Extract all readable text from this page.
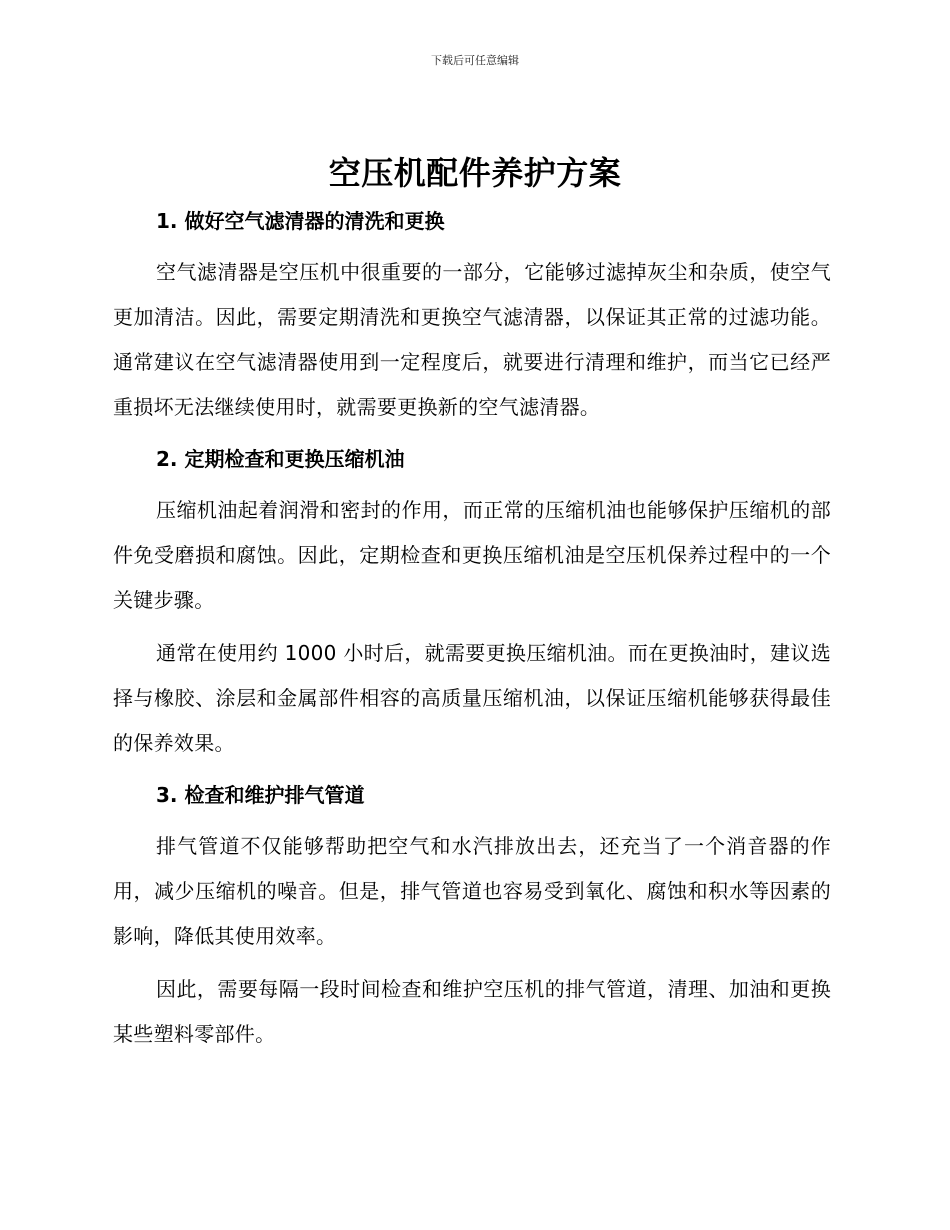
下载后可任意编辑
空压机配件养护方案
1. 做好空气滤清器的清洗和更换

空气滤清器是空压机中很重要的一部分，它能够过滤掉灰尘和杂质，使空气更加清洁。因此，需要定期清洗和更换空气滤清器，以保证其正常的过滤功能。通常建议在空气滤清器使用到一定程度后，就要进行清理和维护，而当它已经严重损坏无法继续使用时，就需要更换新的空气滤清器。

2. 定期检查和更换压缩机油

压缩机油起着润滑和密封的作用，而正常的压缩机油也能够保护压缩机的部件免受磨损和腐蚀。因此，定期检查和更换压缩机油是空压机保养过程中的一个关键步骤。

通常在使用约 1000 小时后，就需要更换压缩机油。而在更换油时，建议选择与橡胶、涂层和金属部件相容的高质量压缩机油，以保证压缩机能够获得最佳的保养效果。

3. 检查和维护排气管道

排气管道不仅能够帮助把空气和水汽排放出去，还充当了一个消音器的作用，减少压缩机的噪音。但是，排气管道也容易受到氧化、腐蚀和积水等因素的影响，降低其使用效率。

因此，需要每隔一段时间检查和维护空压机的排气管道，清理、加油和更换某些塑料零部件。
